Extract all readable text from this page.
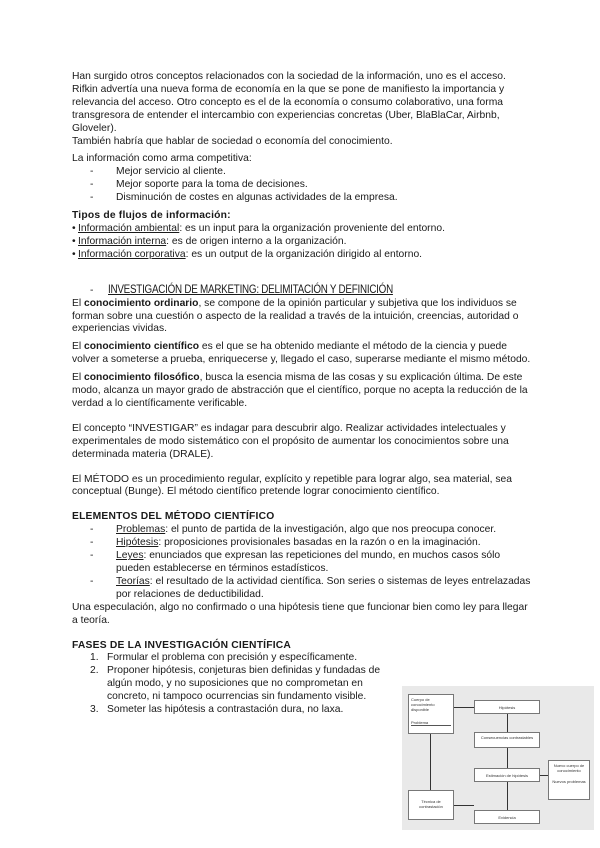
Han surgido otros conceptos relacionados con la sociedad de la información, uno es el acceso. Rifkin advertía una nueva forma de economía en la que se pone de manifiesto la importancia y relevancia del acceso. Otro concepto es el de la economía o consumo colaborativo, una forma transgresora de entender el intercambio con experiencias concretas (Uber, BlaBlaCar, Airbnb, Gloveler).

También habría que hablar de sociedad o economía del conocimiento.

La información como arma competitiva:

- Mejor servicio al cliente.
- Mejor soporte para la toma de decisiones.
- Disminución de costes en algunas actividades de la empresa.

Tipos de flujos de información:

• Información ambiental: es un input para la organización proveniente del entorno.
• Información interna: es de origen interno a la organización.
• Información corporativa: es un output de la organización dirigido al entorno.
- INVESTIGACIÓN DE MARKETING: DELIMITACIÓN Y DEFINICIÓN

El conocimiento ordinario, se compone de la opinión particular y subjetiva que los individuos se forman sobre una cuestión o aspecto de la realidad a través de la intuición, creencias, autoridad o experiencias vividas.

El conocimiento científico es el que se ha obtenido mediante el método de la ciencia y puede volver a someterse a prueba, enriquecerse y, llegado el caso, superarse mediante el mismo método.

El conocimiento filosófico, busca la esencia misma de las cosas y su explicación última. De este modo, alcanza un mayor grado de abstracción que el científico, porque no acepta la reducción de la verdad a lo científicamente verificable.

El concepto “INVESTIGAR” es indagar para descubrir algo. Realizar actividades intelectuales y experimentales de modo sistemático con el propósito de aumentar los conocimientos sobre una determinada materia (DRALE).

El MÉTODO es un procedimiento regular, explícito y repetible para lograr algo, sea material, sea conceptual (Bunge). El método científico pretende lograr conocimiento científico.

ELEMENTOS DEL MÉTODO CIENTÍFICO

- Problemas: el punto de partida de la investigación, algo que nos preocupa conocer.
- Hipótesis: proposiciones provisionales basadas en la razón o en la imaginación.
- Leyes: enunciados que expresan las repeticiones del mundo, en muchos casos sólo pueden establecerse en términos estadísticos.
- Teorías: el resultado de la actividad científica. Son series o sistemas de leyes entrelazadas por relaciones de deductibilidad.

Una especulación, algo no confirmado o una hipótesis tiene que funcionar bien como ley para llegar a teoría.

FASES DE LA INVESTIGACIÓN CIENTÍFICA

1. Formular el problema con precisión y específicamente.
2. Proponer hipótesis, conjeturas bien definidas y fundadas de algún modo, y no suposiciones que no comprometan en concreto, ni tampoco ocurrencias sin fundamento visible.
3. Someter las hipótesis a contrastación dura, no laxa.
Cuerpo de conocimiento disponible
Problema
Hipótesis
Consecuencias contrastables
Estimación de hipótesis
Nuevo cuerpo de conocimiento
Nuevos problemas
Técnica de contrastación
Evidencia
